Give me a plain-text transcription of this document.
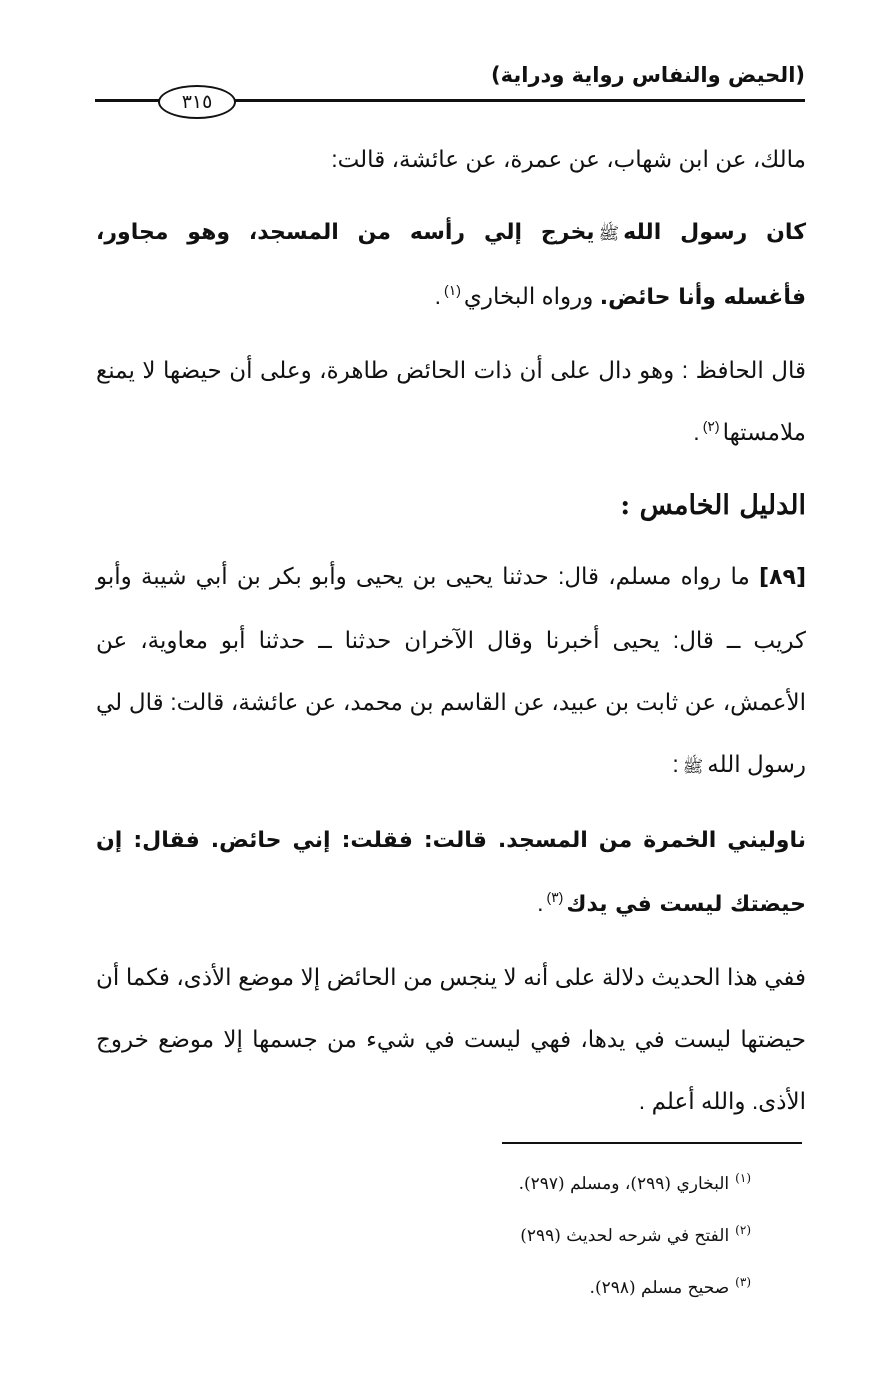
(الحيض والنفاس رواية ودراية)
٣١٥

مالك، عن ابن شهاب، عن عمرة، عن عائشة، قالت:

كان رسول اللهﷺيخرج إلي رأسه من المسجد، وهو مجاور، فأغسله وأنا حائض. ورواه البخاري$^{(١)}$.

قال الحافظ : وهو دال على أن ذات الحائض طاهرة، وعلى أن حيضها لا يمنع ملامستها$^{(٢)}$.

الدليل الخامس :

[٨٩] ما رواه مسلم، قال: حدثنا يحيى بن يحيى وأبو بكر بن أبي شيبة وأبو كريب ــ قال: يحيى أخبرنا وقال الآخران حدثنا ــ حدثنا أبو معاوية، عن الأعمش، عن ثابت بن عبيد، عن القاسم بن محمد، عن عائشة، قالت: قال لي رسول اللهﷺ:

ناوليني الخمرة من المسجد. قالت: فقلت: إني حائض. فقال: إن حيضتك ليست في يدك$^{(٣)}$.

ففي هذا الحديث دلالة على أنه لا ينجس من الحائض إلا موضع الأذى، فكما أن حيضتها ليست في يدها، فهي ليست في شيء من جسمها إلا موضع خروج الأذى. والله أعلم .

$^{(١)}$البخاري (٢٩٩)، ومسلم (٢٩٧).
$^{(٢)}$الفتح في شرحه لحديث (٢٩٩)
$^{(٣)}$صحيح مسلم (٢٩٨).
